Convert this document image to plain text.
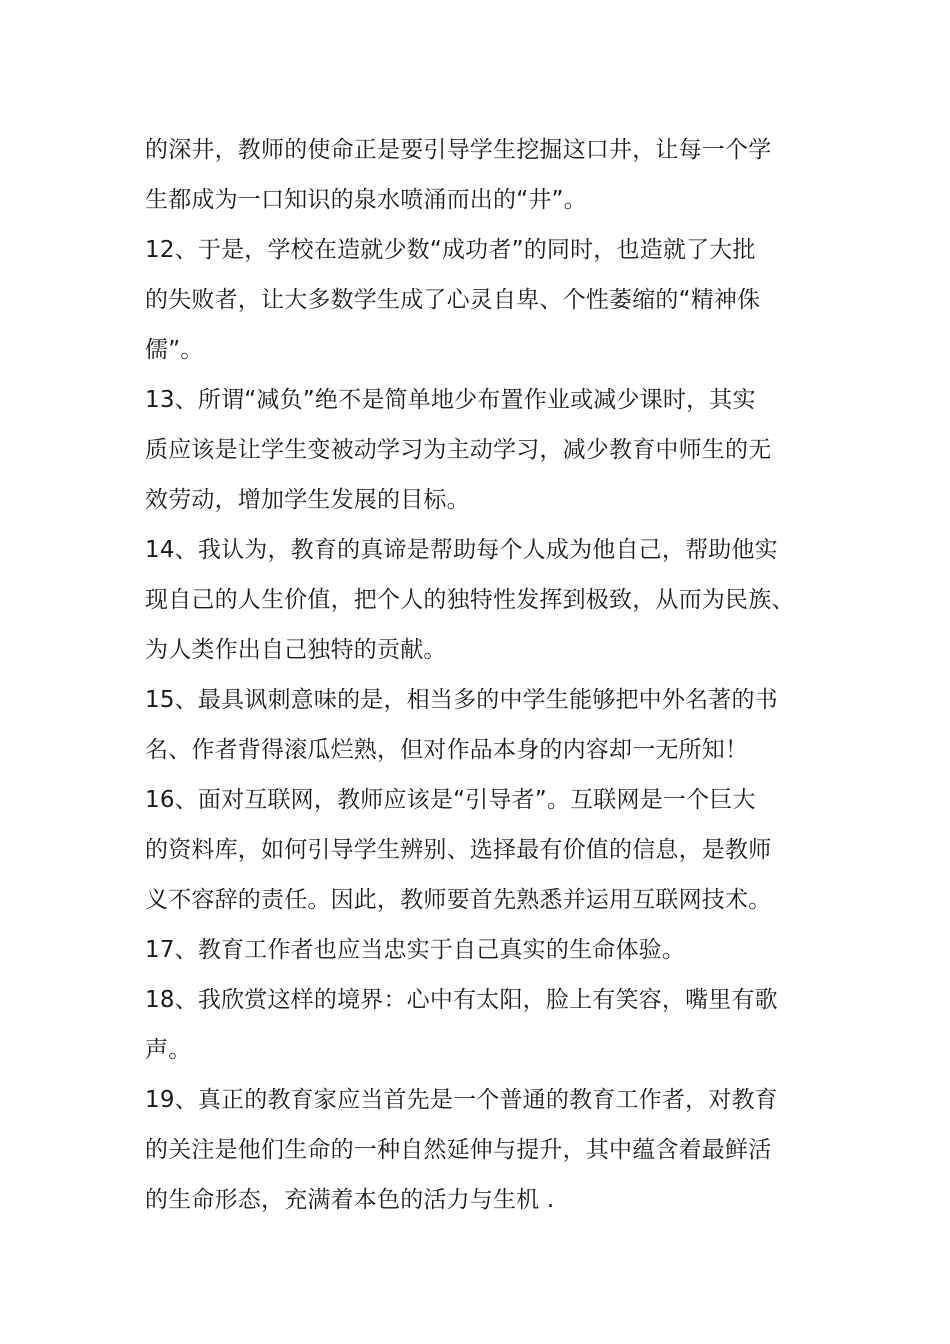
的深井，教师的使命正是要引导学生挖掘这口井，让每一个学
生都成为一口知识的泉水喷涌而出的“井”。
12、于是，学校在造就少数“成功者”的同时，也造就了大批
的失败者，让大多数学生成了心灵自卑、个性萎缩的“精神侏
儒”。
13、所谓“减负”绝不是简单地少布置作业或减少课时，其实
质应该是让学生变被动学习为主动学习，减少教育中师生的无
效劳动，增加学生发展的目标。
14、我认为，教育的真谛是帮助每个人成为他自己，帮助他实
现自己的人生价值，把个人的独特性发挥到极致，从而为民族、
为人类作出自己独特的贡献。
15、最具讽刺意味的是，相当多的中学生能够把中外名著的书
名、作者背得滚瓜烂熟，但对作品本身的内容却一无所知！
16、面对互联网，教师应该是“引导者”。互联网是一个巨大
的资料库，如何引导学生辨别、选择最有价值的信息，是教师
义不容辞的责任。因此，教师要首先熟悉并运用互联网技术。
17、教育工作者也应当忠实于自己真实的生命体验。
18、我欣赏这样的境界：心中有太阳，脸上有笑容，嘴里有歌
声。
19、真正的教育家应当首先是一个普通的教育工作者，对教育
的关注是他们生命的一种自然延伸与提升，其中蕴含着最鲜活
的生命形态，充满着本色的活力与生机 .
